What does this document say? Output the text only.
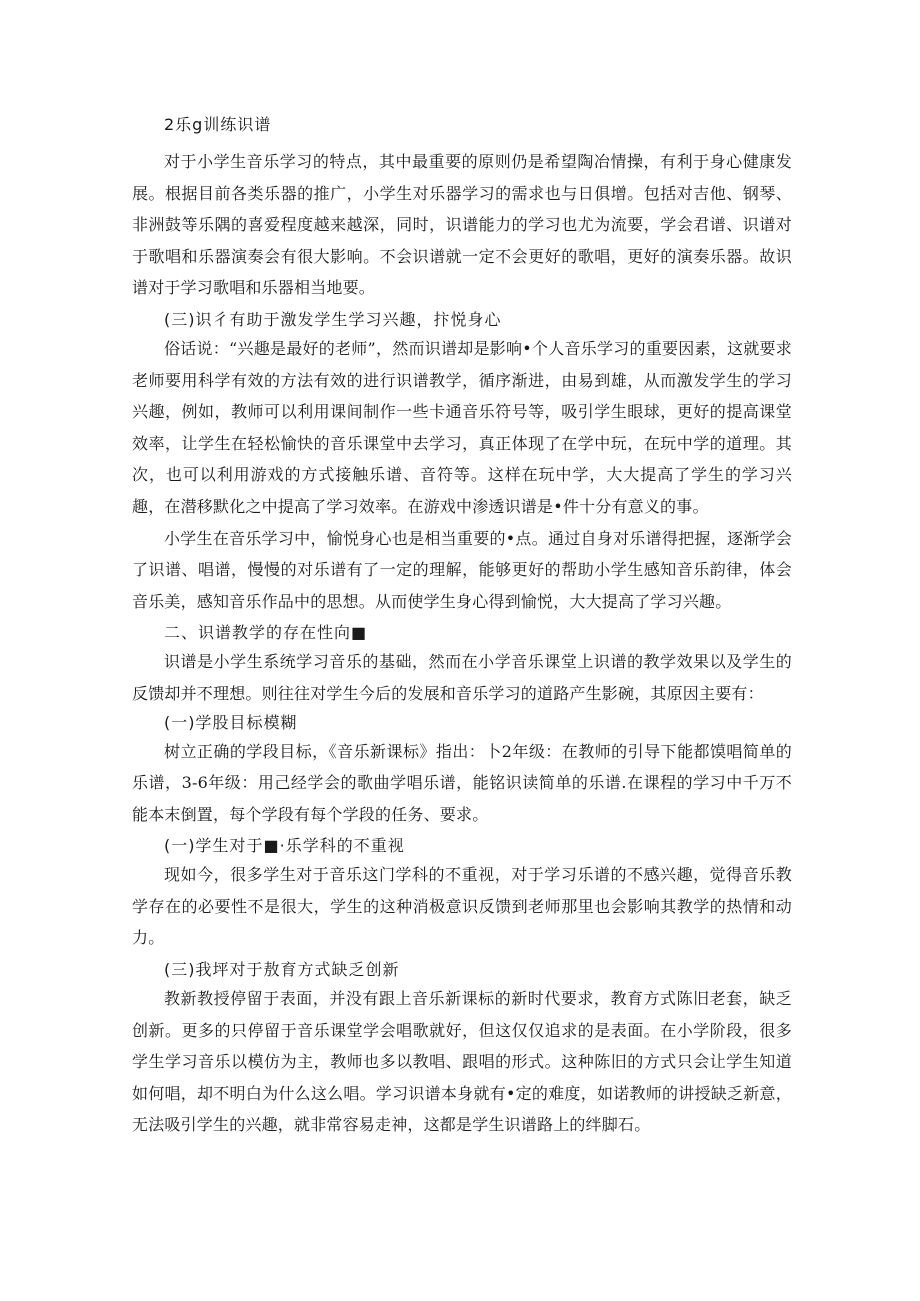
2乐g训练识谱

对于小学生音乐学习的特点，其中最重要的原则仍是希望陶冶情操，有利于身心健康发展。根据目前各类乐器的推广，小学生对乐器学习的需求也与日俱增。包括对吉他、钢琴、非洲鼓等乐隅的喜爱程度越来越深，同时，识谱能力的学习也尤为流要，学会君谱、识谱对于歌唱和乐器演奏会有很大影响。不会识谱就一定不会更好的歌唱，更好的演奏乐器。故识谱对于学习歌唱和乐器相当地要。

(三)识彳有助于激发学生学习兴趣，抃悦身心

俗话说：“兴趣是最好的老师”，然而识谱却是影响•个人音乐学习的重要因素，这就要求老师要用科学有效的方法有效的进行识谱教学，循序渐进，由易到雄，从而激发学生的学习兴趣，例如，教师可以利用课间制作一些卡通音乐符号等，吸引学生眼球，更好的提高课堂效率，让学生在轻松愉快的音乐课堂中去学习，真正体现了在学中玩，在玩中学的道理。其次，也可以利用游戏的方式接触乐谱、音符等。这样在玩中学，大大提高了学生的学习兴趣，在潜移默化之中提高了学习效率。在游戏中渗透识谱是•件十分有意义的事。

小学生在音乐学习中，愉悦身心也是相当重要的•点。通过自身对乐谱得把握，逐渐学会了识谱、唱谱，慢慢的对乐谱有了一定的理解，能够更好的帮助小学生感知音乐韵律，体会音乐美，感知音乐作品中的思想。从而使学生身心得到愉悦，大大提高了学习兴趣。

二、识谱教学的存在性向■

识谱是小学生系统学习音乐的基础，然而在小学音乐课堂上识谱的教学效果以及学生的反馈却并不理想。则往往对学生今后的发展和音乐学习的道路产生影碗，其原因主要有：

(一)学股目标模糊

树立正确的学段目标，《音乐新课标》指出：卜2年级：在教师的引导下能都馍唱简单的乐谱，3-6年级：用己经学会的歌曲学唱乐谱，能铭识读简单的乐谱.在课程的学习中千万不能本末倒置，每个学段有每个学段的任务、要求。

(一)学生对于■·乐学科的不重视

现如今，很多学生对于音乐这门学科的不重视，对于学习乐谱的不感兴趣，觉得音乐教学存在的必要性不是很大，学生的这种消极意识反馈到老师那里也会影响其教学的热情和动力。

(三)我坪对于敖育方式缺乏创新

教新教授停留于表面，并没有跟上音乐新课标的新时代要求，教育方式陈旧老套，缺乏创新。更多的只停留于音乐课堂学会唱歌就好，但这仅仅追求的是表面。在小学阶段，很多学生学习音乐以模仿为主，教师也多以教唱、跟唱的形式。这种陈旧的方式只会让学生知道如何唱，却不明白为什么这么唱。学习识谱本身就有•定的难度，如诺教师的讲授缺乏新意，无法吸引学生的兴趣，就非常容易走神，这都是学生识谱路上的绊脚石。
